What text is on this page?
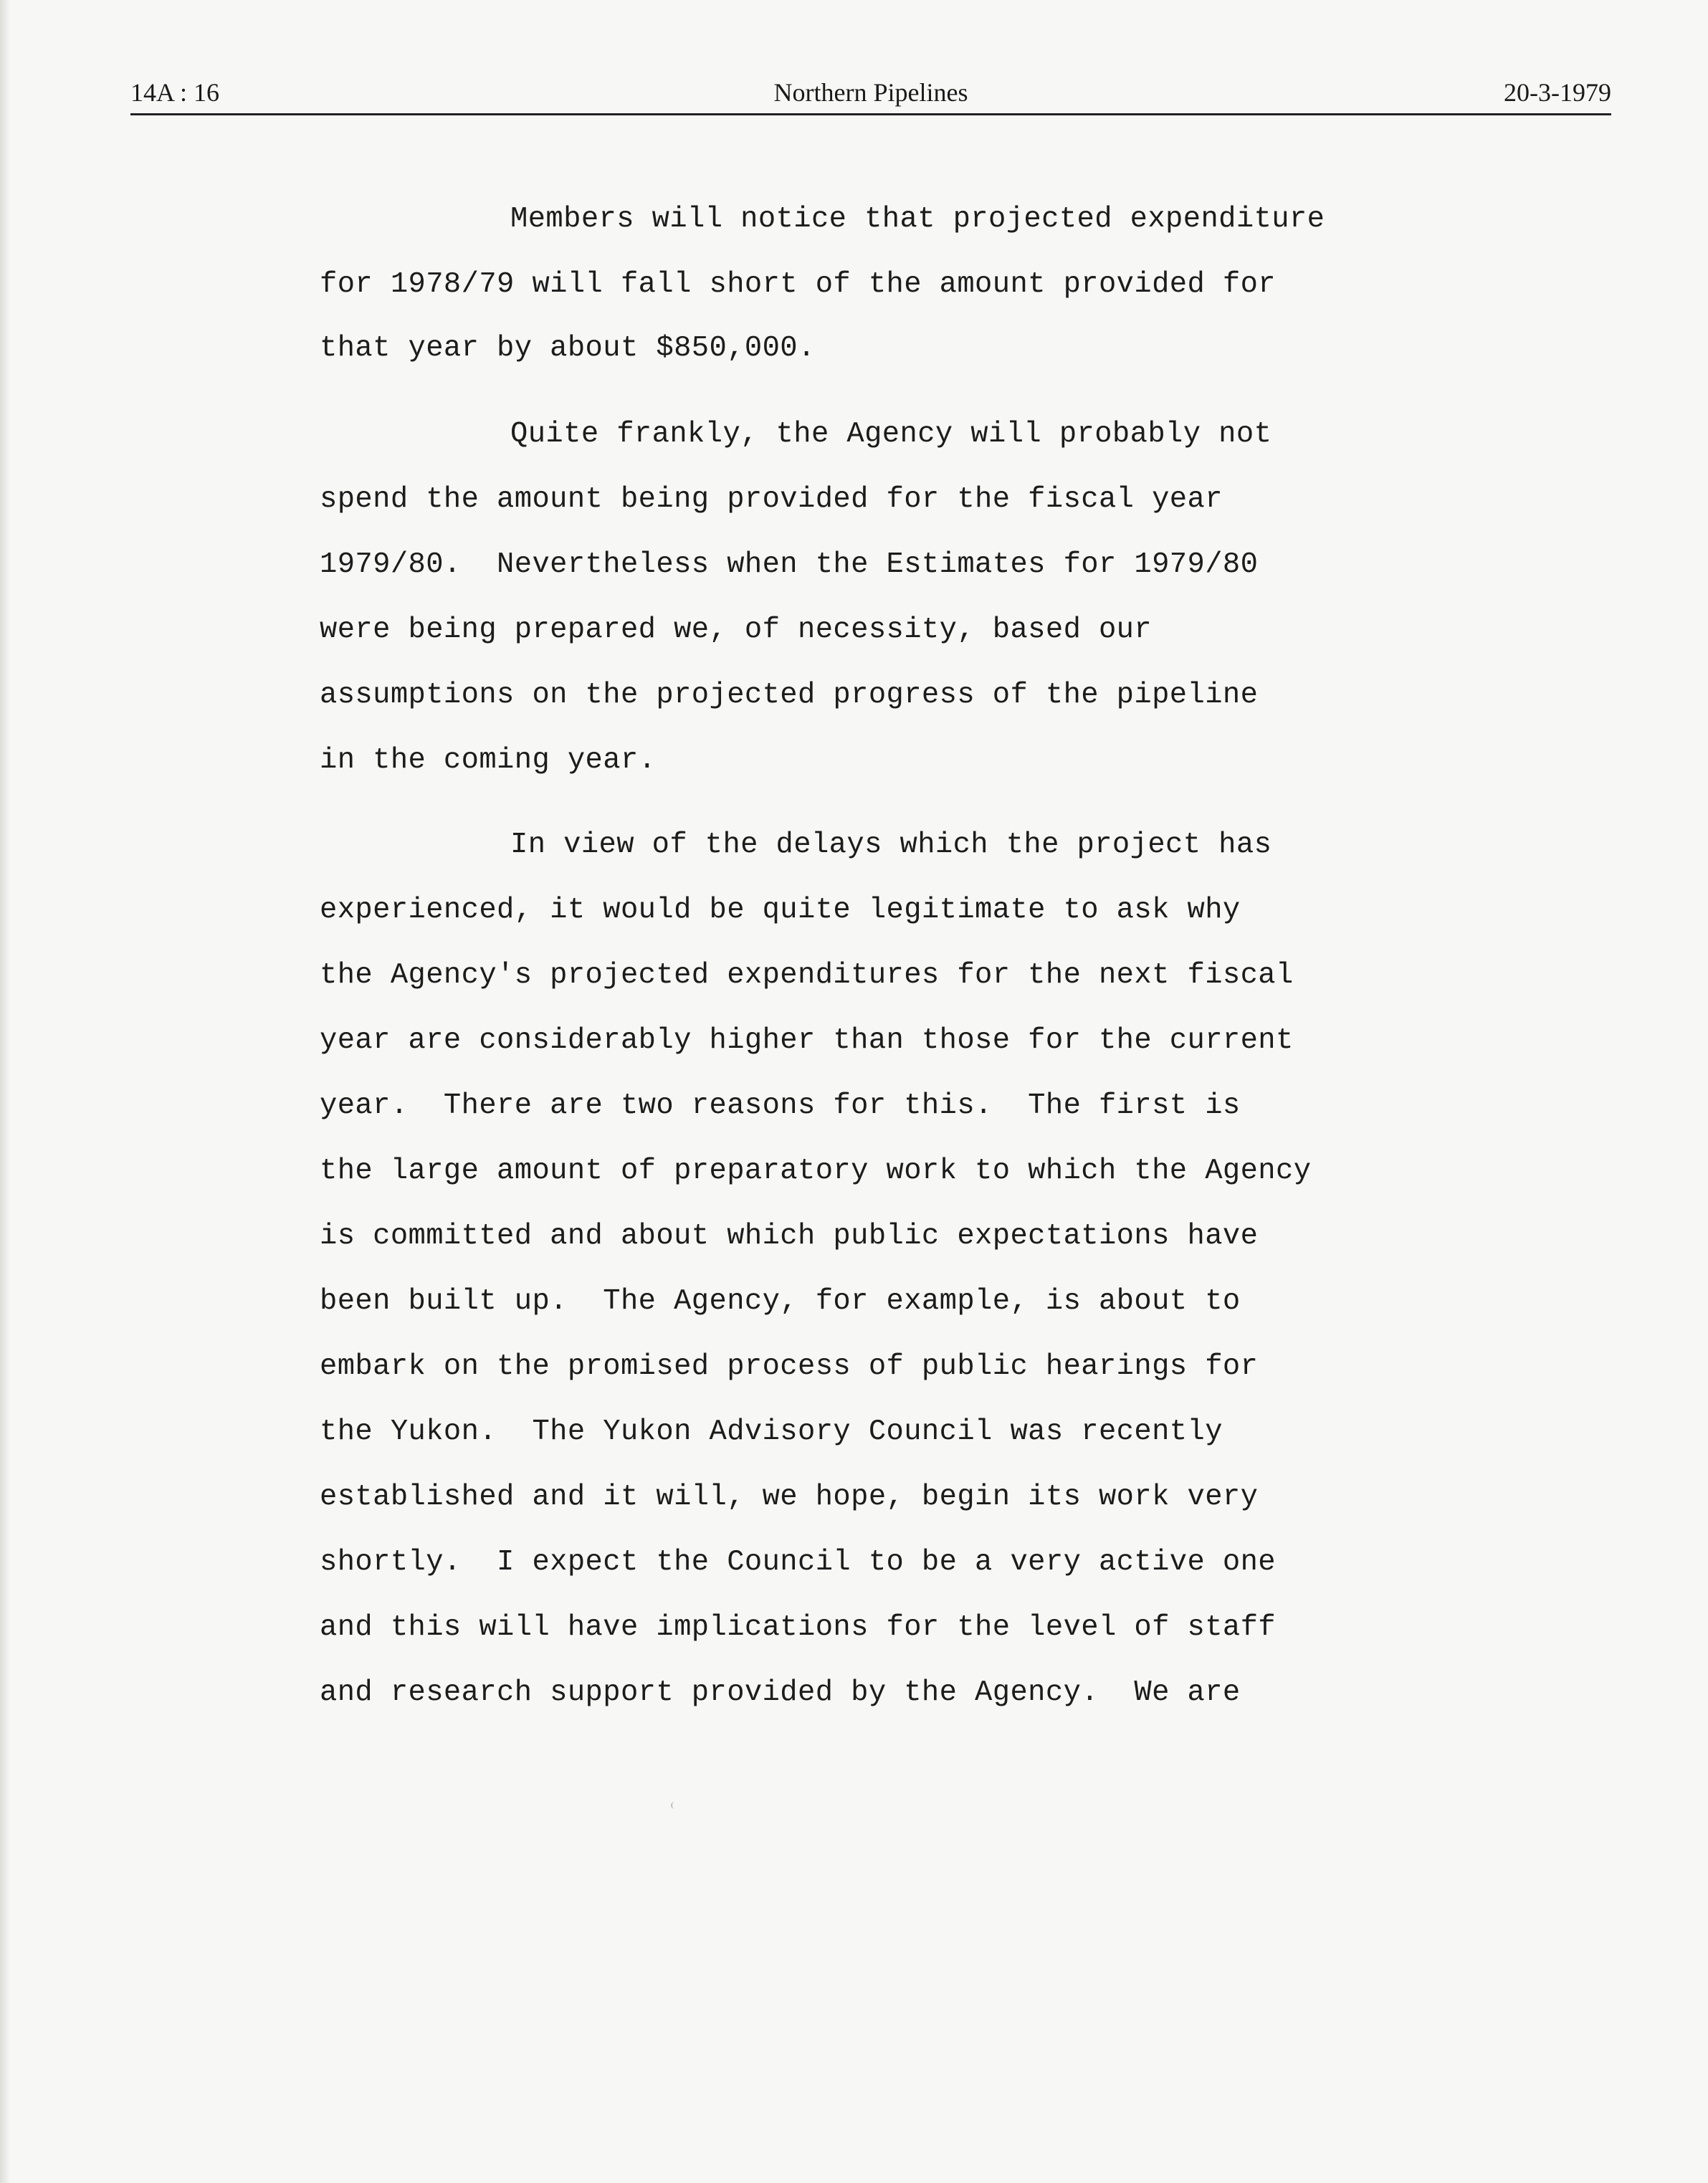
14A : 16	Northern Pipelines	20-3-1979
Members will notice that projected expenditure
for 1978/79 will fall short of the amount provided for
that year by about $850,000.
Quite frankly, the Agency will probably not
spend the amount being provided for the fiscal year
1979/80.  Nevertheless when the Estimates for 1979/80
were being prepared we, of necessity, based our
assumptions on the projected progress of the pipeline
in the coming year.
In view of the delays which the project has
experienced, it would be quite legitimate to ask why
the Agency's projected expenditures for the next fiscal
year are considerably higher than those for the current
year.  There are two reasons for this.  The first is
the large amount of preparatory work to which the Agency
is committed and about which public expectations have
been built up.  The Agency, for example, is about to
embark on the promised process of public hearings for
the Yukon.  The Yukon Advisory Council was recently
established and it will, we hope, begin its work very
shortly.  I expect the Council to be a very active one
and this will have implications for the level of staff
and research support provided by the Agency.  We are
